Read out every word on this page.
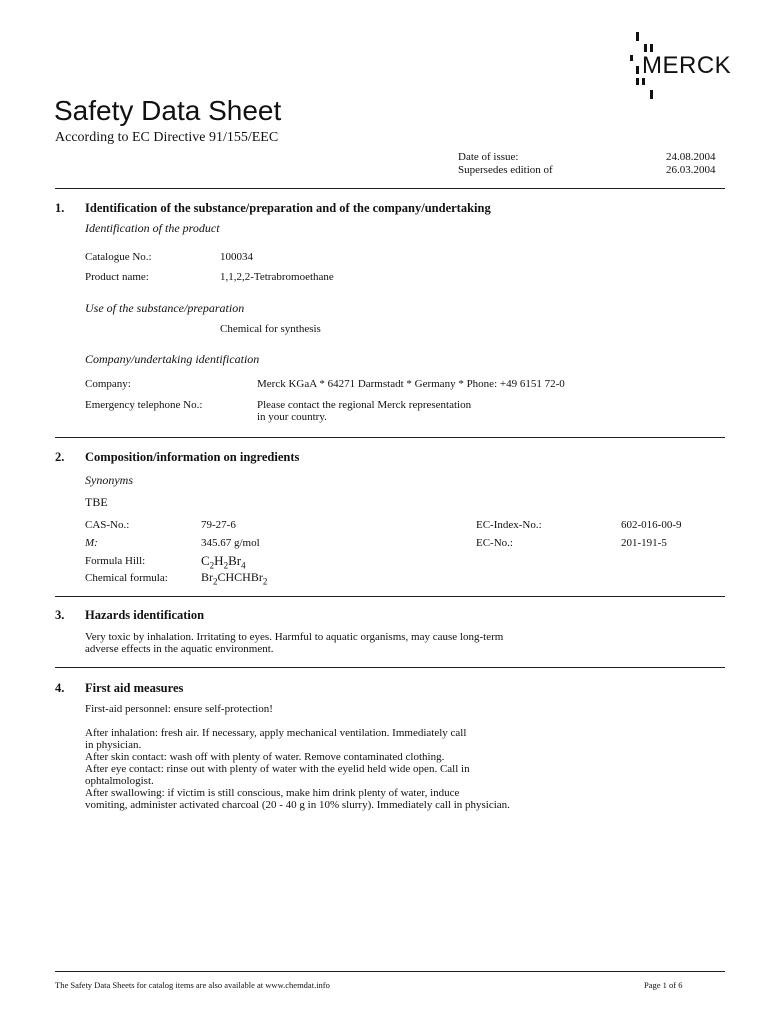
MERCK
Safety Data Sheet
According to EC Directive 91/155/EEC
Date of issue:	24.08.2004
Supersedes edition of	26.03.2004
1. Identification of the substance/preparation and of the company/undertaking
Identification of the product
Catalogue No.:	100034
Product name:	1,1,2,2-Tetrabromoethane
Use of the substance/preparation
Chemical for synthesis
Company/undertaking identification
Company:	Merck KGaA * 64271 Darmstadt * Germany * Phone: +49 6151 72-0
Emergency telephone No.:	Please contact the regional Merck representation
in your country.
2. Composition/information on ingredients
Synonyms
TBE
CAS-No.:	79-27-6	EC-Index-No.:	602-016-00-9
M:	345.67 g/mol	EC-No.:	201-191-5
Formula Hill:	$C_2H_2Br_4$
Chemical formula:	$Br_2CHCHBr_2$
3. Hazards identification
Very toxic by inhalation. Irritating to eyes. Harmful to aquatic organisms, may cause long-term
adverse effects in the aquatic environment.
4. First aid measures
First-aid personnel: ensure self-protection!
After inhalation: fresh air. If necessary, apply mechanical ventilation. Immediately call
in physician.
After skin contact: wash off with plenty of water. Remove contaminated clothing.
After eye contact: rinse out with plenty of water with the eyelid held wide open. Call in
ophtalmologist.
After swallowing: if victim is still conscious, make him drink plenty of water, induce
vomiting, administer activated charcoal (20 - 40 g in 10% slurry). Immediately call in physician.
The Safety Data Sheets for catalog items are also available at www.chemdat.info	Page 1 of 6
